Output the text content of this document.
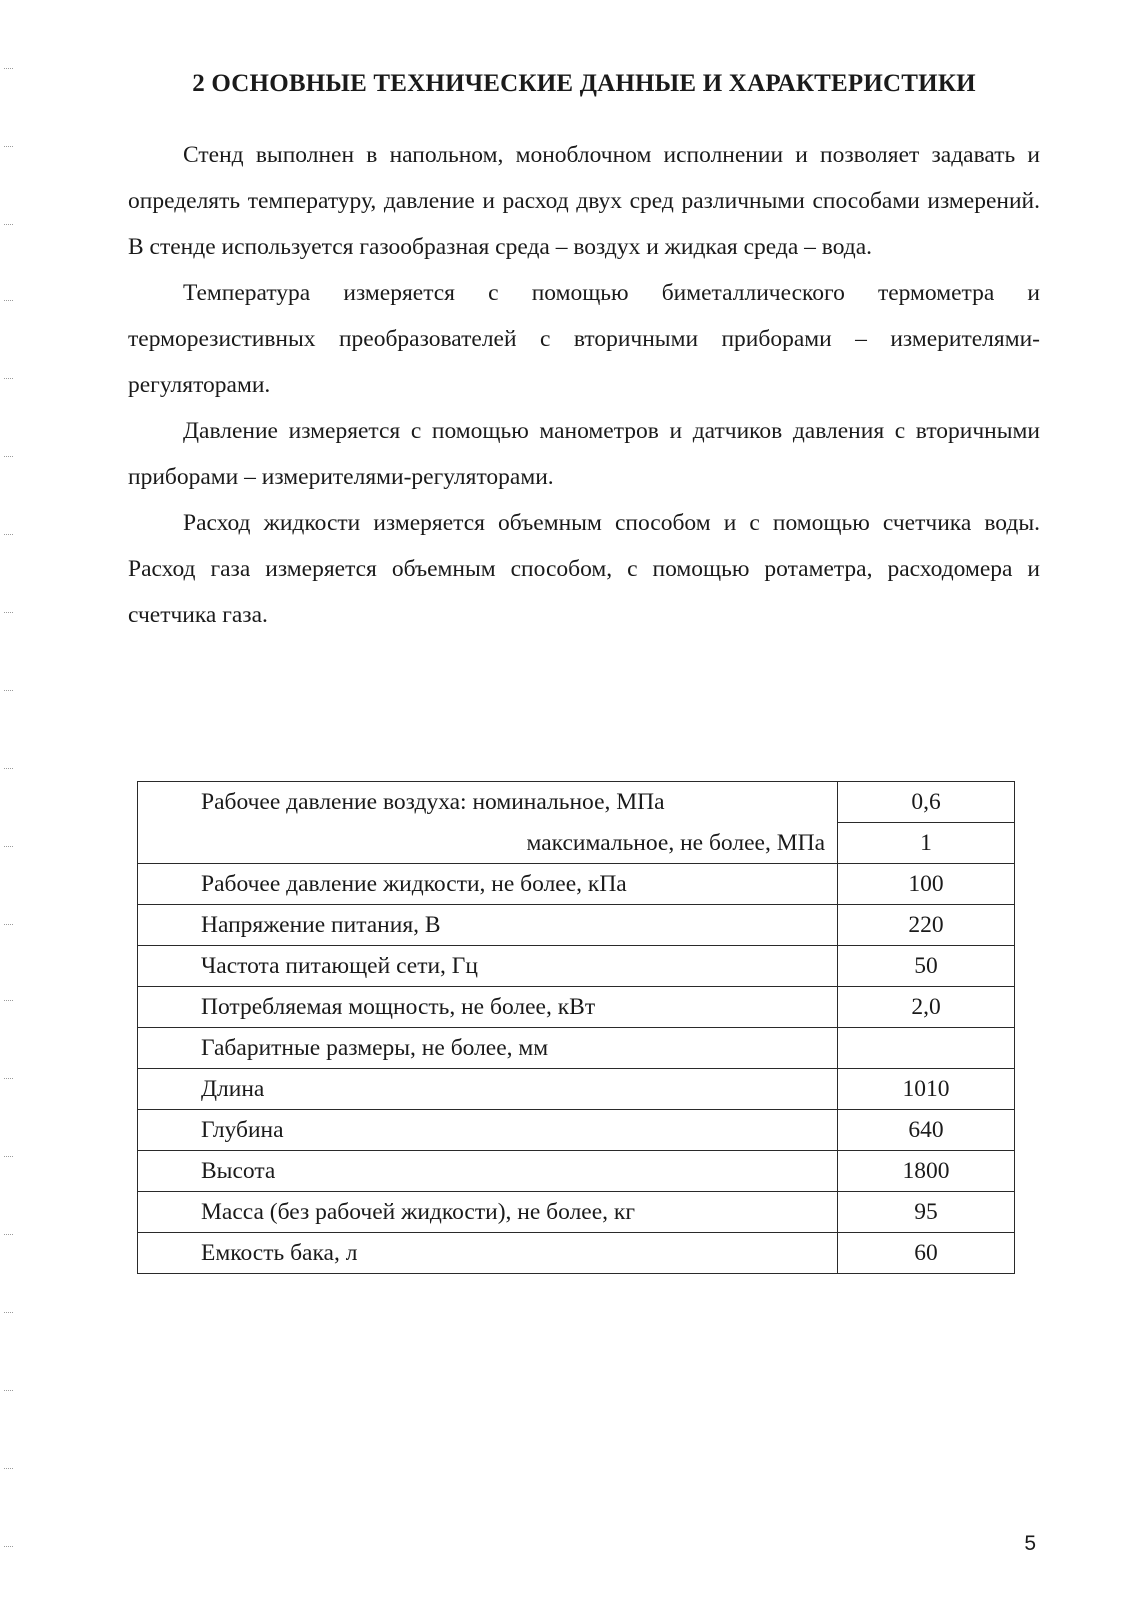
2 ОСНОВНЫЕ ТЕХНИЧЕСКИЕ ДАННЫЕ И ХАРАКТЕРИСТИКИ

Стенд выполнен в напольном, моноблочном исполнении и позволяет задавать и определять температуру, давление и расход двух сред различными способами измерений. В стенде используется газообразная среда – воздух и жидкая среда – вода.

Температура измеряется с помощью биметаллического термометра и терморезистивных преобразователей с вторичными приборами – измерителями-регуляторами.

Давление измеряется с помощью манометров и датчиков давления с вторичными приборами – измерителями-регуляторами.

Расход жидкости измеряется объемным способом и с помощью счетчика воды. Расход газа измеряется объемным способом, с помощью ротаметра, расходомера и счетчика газа.

Рабочее давление воздуха: номинальное, МПа	0,6
максимальное, не более, МПа	1
Рабочее давление жидкости, не более, кПа	100
Напряжение питания, В	220
Частота питающей сети, Гц	50
Потребляемая мощность, не более, кВт	2,0
Габаритные размеры, не более, мм	
Длина	1010
Глубина	640
Высота	1800
Масса (без рабочей жидкости), не более, кг	95
Емкость бака, л	60
5
